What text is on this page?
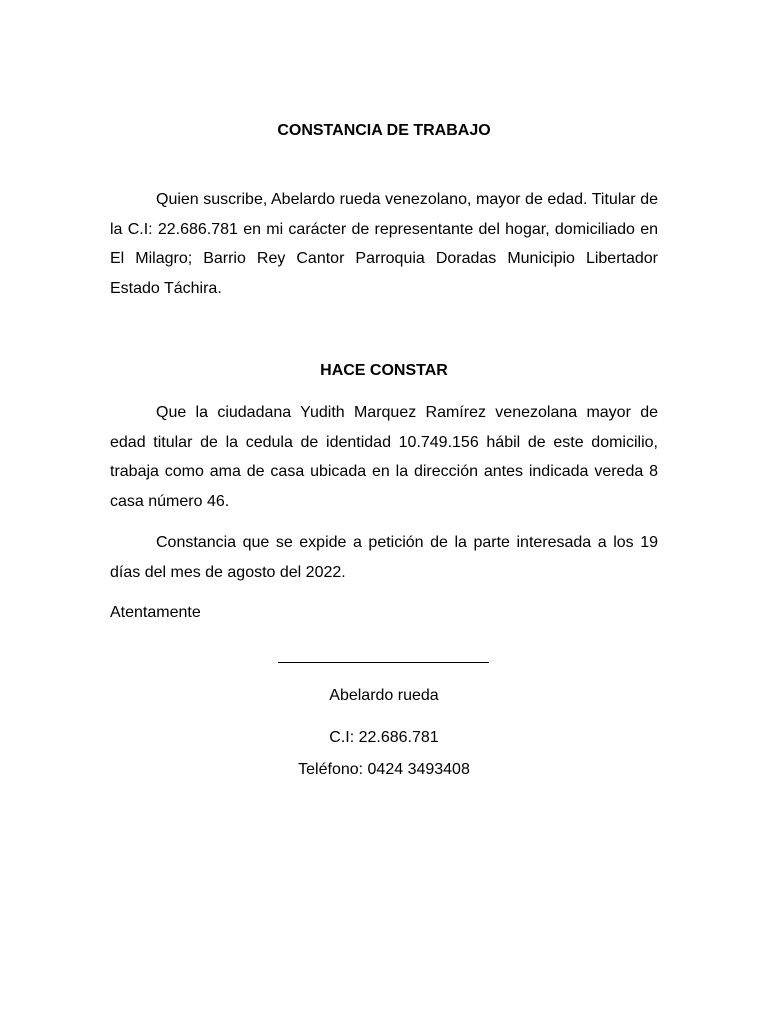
CONSTANCIA DE TRABAJO

Quien suscribe, Abelardo rueda venezolano, mayor de edad. Titular de la C.I: 22.686.781 en mi carácter de representante del hogar, domiciliado en El Milagro; Barrio Rey Cantor Parroquia Doradas Municipio Libertador Estado Táchira.

HACE CONSTAR

Que la ciudadana Yudith Marquez Ramírez venezolana mayor de edad titular de la cedula de identidad 10.749.156 hábil de este domicilio, trabaja como ama de casa ubicada en la dirección antes indicada vereda 8 casa número 46.

Constancia que se expide a petición de la parte interesada a los 19 días del mes de agosto del 2022.

Atentamente
Abelardo rueda
C.I: 22.686.781
Teléfono: 0424 3493408
